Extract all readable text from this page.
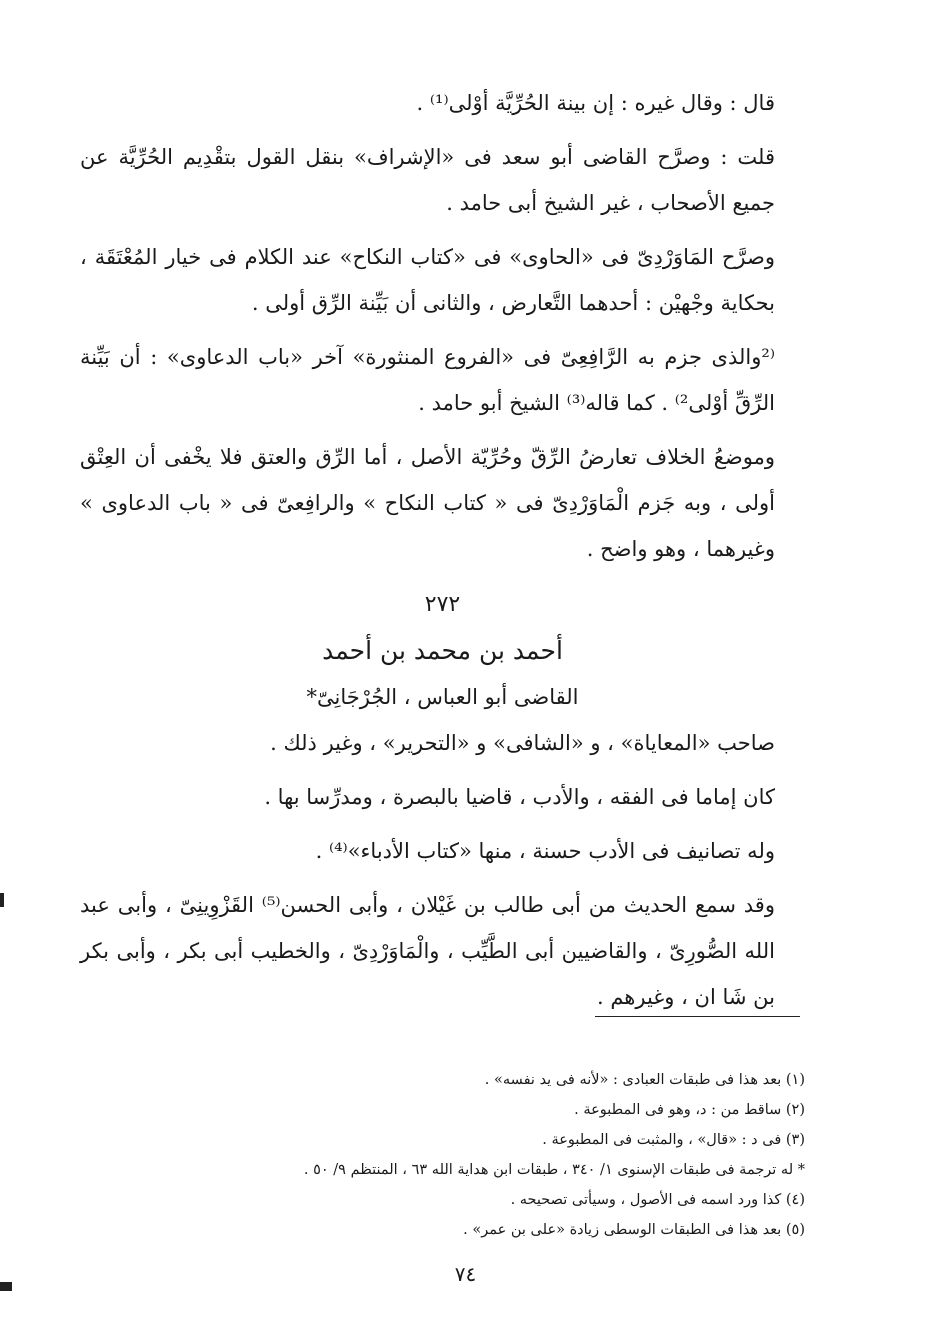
قال : وقال غيره : إن بينة الحُرِّيَّة أوْلى⁽¹⁾ .

قلت : وصرَّح القاضى أبو سعد فى «الإشراف» بنقل القول بتقْدِيم الحُرِّيَّة عن جميع الأصحاب ، غير الشيخ أبى حامد .

وصرَّح المَاوَرْدِىّ فى «الحاوى» فى «كتاب النكاح» عند الكلام فى خيار المُعْتَقَة ، بحكاية وجْهيْن : أحدهما التَّعارض ، والثانى أن بَيِّنة الرِّق أولى .

⁽²والذى جزم به الرَّافِعِىّ فى «الفروع المنثورة» آخر «باب الدعاوى» : أن بَيِّنة الرِّقِّ أوْلى²⁾ . كما قاله⁽³⁾ الشيخ أبو حامد .

وموضعُ الخلاف تعارضُ الرِّقّ وحُرِّيّة الأصل ، أما الرِّق والعتق فلا يخْفى أن العِتْق أولى ، وبه جَزم الْمَاوَرْدِىّ فى « كتاب النكاح » والرافِعىّ فى « باب الدعاوى » وغيرهما ، وهو واضح .

٢٧٢
أحمد بن محمد بن أحمد
القاضى أبو العباس ، الجُرْجَانِىّ*

صاحب «المعاياة» ، و «الشافى» و «التحرير» ، وغير ذلك .

كان إماما فى الفقه ، والأدب ، قاضيا بالبصرة ، ومدرِّسا بها .

وله تصانيف فى الأدب حسنة ، منها «كتاب الأدباء»⁽⁴⁾ .

وقد سمع الحديث من أبى طالب بن غَيْلان ، وأبى الحسن⁽⁵⁾ القَزْوِينِىّ ، وأبى عبد الله الصُّورِىّ ، والقاضيين أبى الطَّيِّب ، والْمَاوَرْدِىّ ، والخطيب أبى بكر ، وأبى بكر بن شَا ان ، وغيرهم .

(١) بعد هذا فى طبقات العبادى : «لأنه فى يد نفسه» .
(٢) ساقط من : د، وهو فى المطبوعة .
(٣) فى د : «قال» ، والمثبت فى المطبوعة .
* له ترجمة فى طبقات الإسنوى ١/ ٣٤٠ ، طبقات ابن هداية الله ٦٣ ، المنتظم ٩/ ٥٠ .
(٤) كذا ورد اسمه فى الأصول ، وسيأتى تصحيحه .
(٥) بعد هذا فى الطبقات الوسطى زيادة «على بن عمر» .
٧٤
